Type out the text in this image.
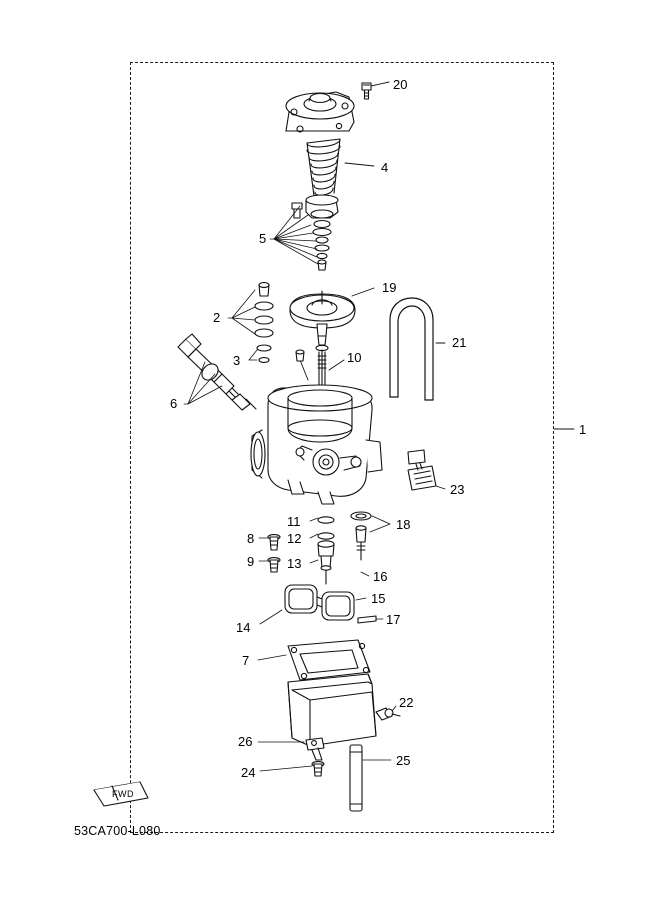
20
4
5
19
2
21
3	10
6
1
23
11	18
8	12
9	13
16
15
17
14
7
22
26
25
24
FWD
53CA700-L080
